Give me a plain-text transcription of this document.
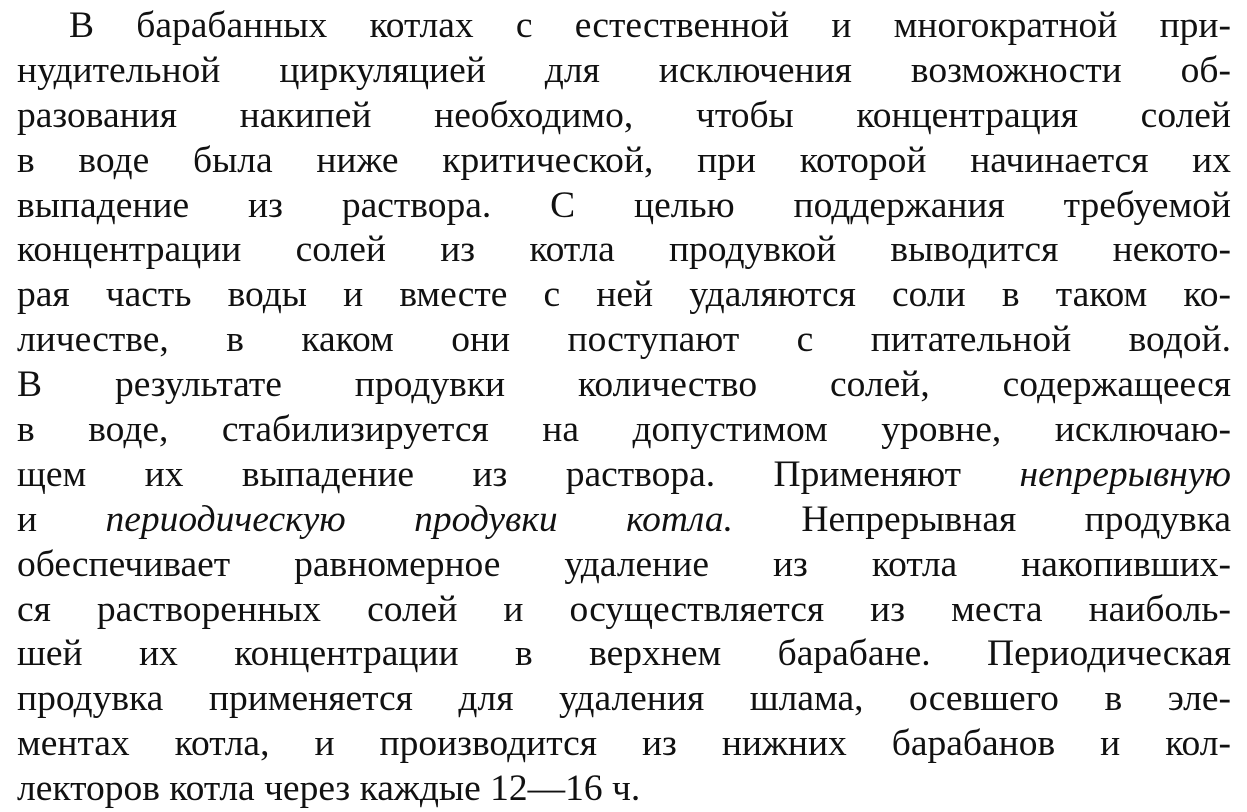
В барабанных котлах с естественной и многократной при-
нудительной циркуляцией для исключения возможности об-
разования накипей необходимо, чтобы концентрация солей
в воде была ниже критической, при которой начинается их
выпадение из раствора. С целью поддержания требуемой
концентрации солей из котла продувкой выводится некото-
рая часть воды и вместе с ней удаляются соли в таком ко-
личестве, в каком они поступают с питательной водой.
В результате продувки количество солей, содержащееся
в воде, стабилизируется на допустимом уровне, исключаю-
щем их выпадение из раствора. Применяют непрерывную
и периодическую продувки котла. Непрерывная продувка
обеспечивает равномерное удаление из котла накопивших-
ся растворенных солей и осуществляется из места наиболь-
шей их концентрации в верхнем барабане. Периодическая
продувка применяется для удаления шлама, осевшего в эле-
ментах котла, и производится из нижних барабанов и кол-
лекторов котла через каждые 12—16 ч.
